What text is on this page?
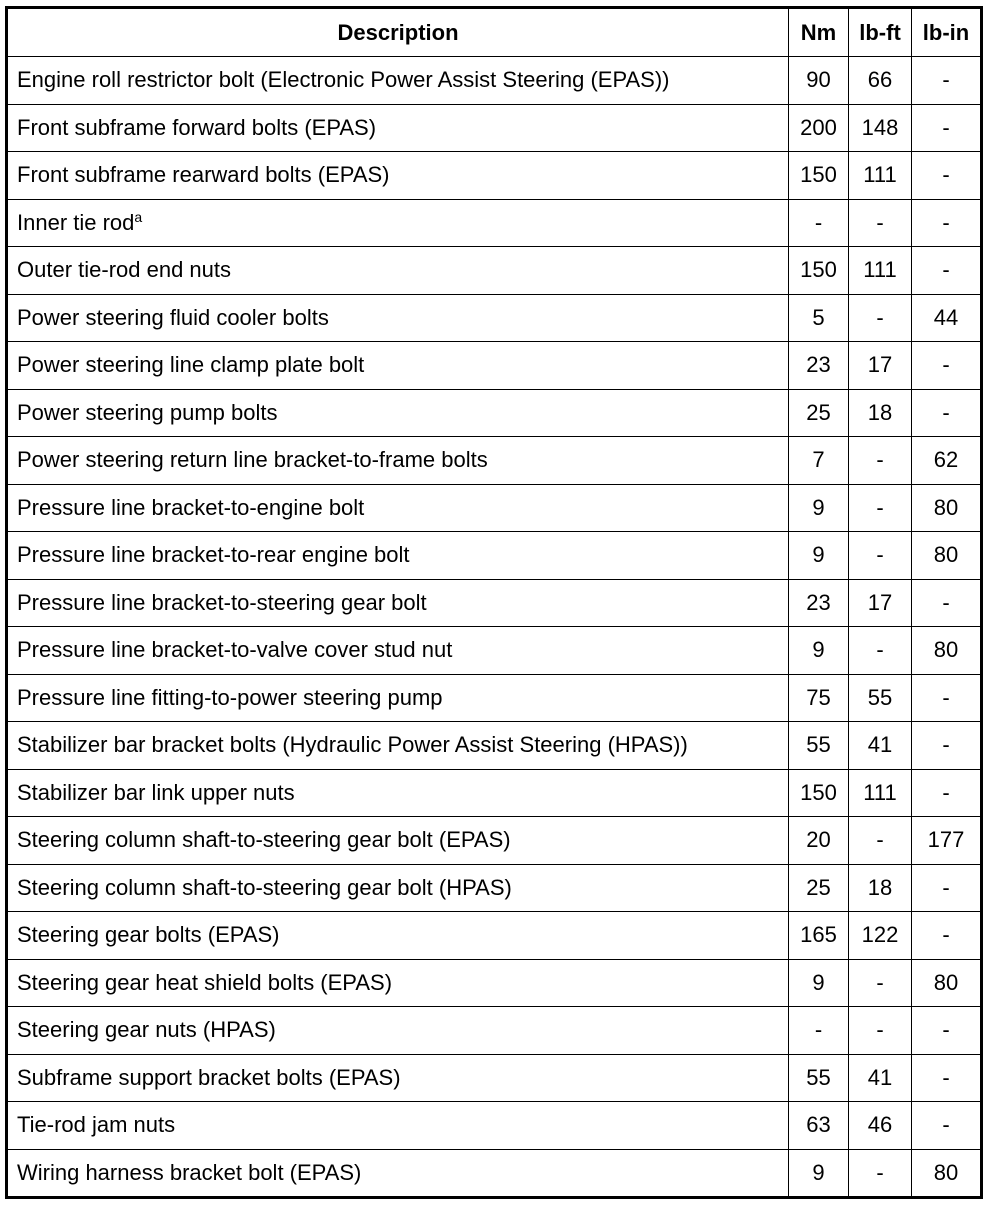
Description	Nm	lb-ft	lb-in
Engine roll restrictor bolt (Electronic Power Assist Steering (EPAS))	90	66	-
Front subframe forward bolts (EPAS)	200	148	-
Front subframe rearward bolts (EPAS)	150	111	-
Inner tie rod$^a$	-	-	-
Outer tie-rod end nuts	150	111	-
Power steering fluid cooler bolts	5	-	44
Power steering line clamp plate bolt	23	17	-
Power steering pump bolts	25	18	-
Power steering return line bracket-to-frame bolts	7	-	62
Pressure line bracket-to-engine bolt	9	-	80
Pressure line bracket-to-rear engine bolt	9	-	80
Pressure line bracket-to-steering gear bolt	23	17	-
Pressure line bracket-to-valve cover stud nut	9	-	80
Pressure line fitting-to-power steering pump	75	55	-
Stabilizer bar bracket bolts (Hydraulic Power Assist Steering (HPAS))	55	41	-
Stabilizer bar link upper nuts	150	111	-
Steering column shaft-to-steering gear bolt (EPAS)	20	-	177
Steering column shaft-to-steering gear bolt (HPAS)	25	18	-
Steering gear bolts (EPAS)	165	122	-
Steering gear heat shield bolts (EPAS)	9	-	80
Steering gear nuts (HPAS)	-	-	-
Subframe support bracket bolts (EPAS)	55	41	-
Tie-rod jam nuts	63	46	-
Wiring harness bracket bolt (EPAS)	9	-	80
